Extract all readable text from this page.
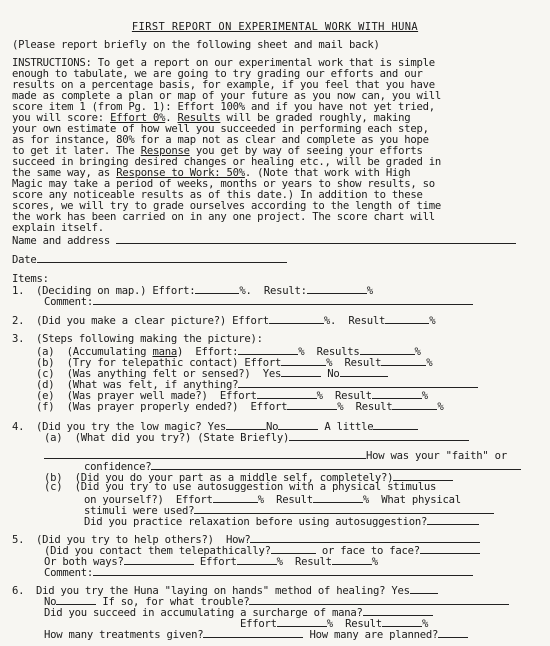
FIRST REPORT ON EXPERIMENTAL WORK WITH HUNA
(Please report briefly on the following sheet and mail back)
INSTRUCTIONS: To get a report on our experimental work that is simple
enough to tabulate, we are going to try grading our efforts and our
results on a percentage basis, for example, if you feel that you have
made as complete a plan or map of your future as you now can, you will
score item 1 (from Pg. 1): Effort 100% and if you have not yet tried,
you will score: Effort 0%. Results will be graded roughly, making
your own estimate of how well you succeeded in performing each step,
as for instance, 80% for a map not as clear and complete as you hope
to get it later. The Response you get by way of seeing your efforts
succeed in bringing desired changes or healing etc., will be graded in
the same way, as Response to Work: 50%. (Note that work with High
Magic may take a period of weeks, months or years to show results, so
score any noticeable results as of this date.) In addition to these
scores, we will try to grade ourselves according to the length of time
the work has been carried on in any one project. The score chart will
explain itself.
Name and address
Date
Items:
1. (Deciding on map.) Effort:	%. Result:	%
Comment:
2. (Did you make a clear picture?) Effort	%. Result	%
3. (Steps following making the picture):
(a)  (Accumulating mana)  Effort:	%  Results	%
(b)  (Try for telepathic contact) Effort	%  Result	%
(c)  (Was anything felt or sensed?)  Yes	No
(d)  (What was felt, if anything?
(e)  (Was prayer well made?)  Effort	%  Result	%
(f)  (Was prayer properly ended?)  Effort	%  Result	%
4. (Did you try the low magic? Yes	No	A little
(a)  (What did you try?) (State Briefly)
How was your "faith" or
confidence?
(b)  (Did you do your part as a middle self, completely?)
(c)  (Did you try to use autosuggestion with a physical stimulus
on yourself?)  Effort	%  Result	%  What physical
stimuli were used?
Did you practice relaxation before using autosuggestion?
5. (Did you try to help others?)  How?
(Did you contact them telepathically?	or face to face?
Or both ways?	Effort	%  Result	%
Comment:
6. Did you try the Huna "laying on hands" method of healing? Yes
No	If so, for what trouble?
Did you succeed in accumulating a surcharge of mana?
Effort	%  Result	%
How many treatments given?	How many are planned?
